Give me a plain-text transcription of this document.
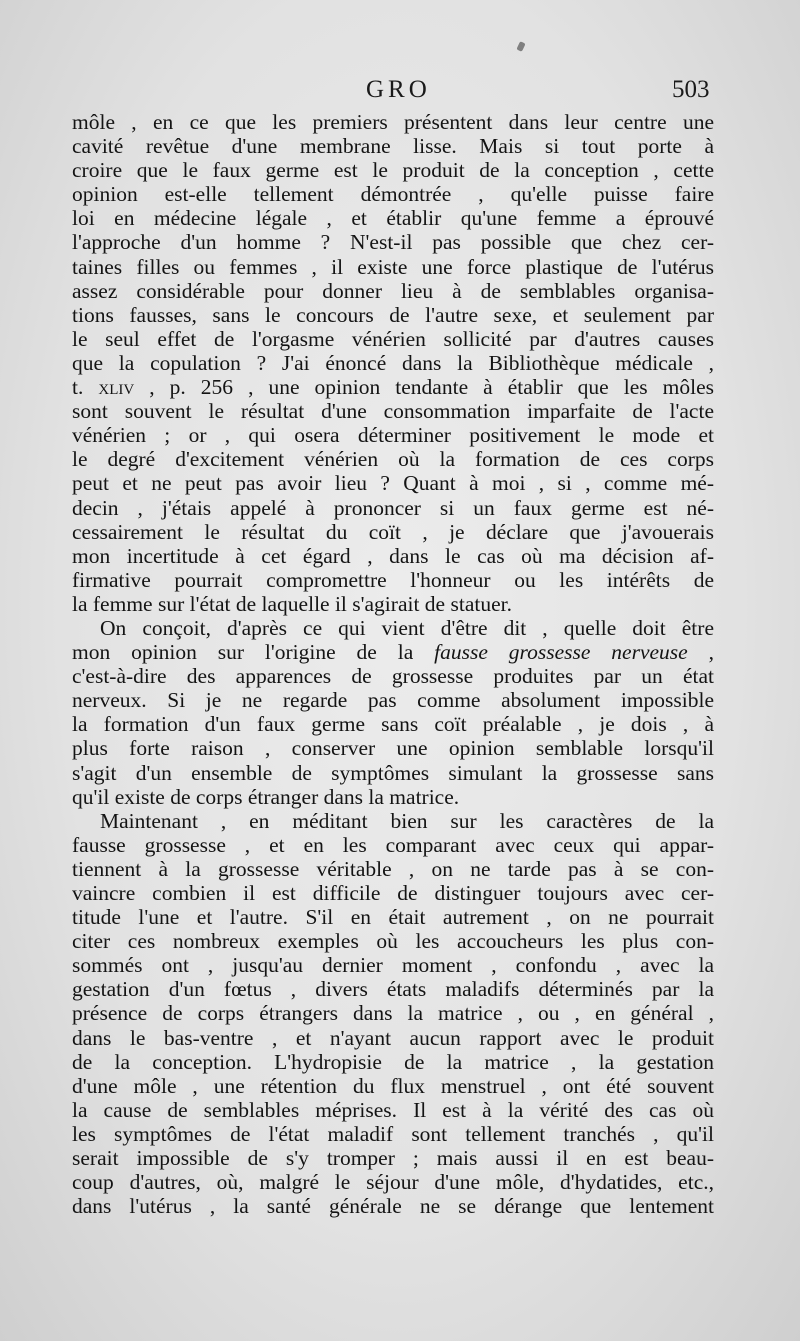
GRO	503
môle , en ce que les premiers présentent dans leur centre une
cavité revêtue d'une membrane lisse. Mais si tout porte à
croire que le faux germe est le produit de la conception , cette
opinion est-elle tellement démontrée , qu'elle puisse faire
loi en médecine légale , et établir qu'une femme a éprouvé
l'approche d'un homme ? N'est-il pas possible que chez cer-
taines filles ou femmes , il existe une force plastique de l'utérus
assez considérable pour donner lieu à de semblables organisa-
tions fausses, sans le concours de l'autre sexe, et seulement par
le seul effet de l'orgasme vénérien sollicité par d'autres causes
que la copulation ? J'ai énoncé dans la Bibliothèque médicale ,
t. xliv , p. 256 , une opinion tendante à établir que les môles
sont souvent le résultat d'une consommation imparfaite de l'acte
vénérien ; or , qui osera déterminer positivement le mode et
le degré d'excitement vénérien où la formation de ces corps
peut et ne peut pas avoir lieu ? Quant à moi , si , comme mé-
decin , j'étais appelé à prononcer si un faux germe est né-
cessairement le résultat du coït , je déclare que j'avouerais
mon incertitude à cet égard , dans le cas où ma décision af-
firmative pourrait compromettre l'honneur ou les intérêts de
la femme sur l'état de laquelle il s'agirait de statuer.
On conçoit, d'après ce qui vient d'être dit , quelle doit être
mon opinion sur l'origine de la fausse grossesse nerveuse ,
c'est-à-dire des apparences de grossesse produites par un état
nerveux. Si je ne regarde pas comme absolument impossible
la formation d'un faux germe sans coït préalable , je dois , à
plus forte raison , conserver une opinion semblable lorsqu'il
s'agit d'un ensemble de symptômes simulant la grossesse sans
qu'il existe de corps étranger dans la matrice.
Maintenant , en méditant bien sur les caractères de la
fausse grossesse , et en les comparant avec ceux qui appar-
tiennent à la grossesse véritable , on ne tarde pas à se con-
vaincre combien il est difficile de distinguer toujours avec cer-
titude l'une et l'autre. S'il en était autrement , on ne pourrait
citer ces nombreux exemples où les accoucheurs les plus con-
sommés ont , jusqu'au dernier moment , confondu , avec la
gestation d'un fœtus , divers états maladifs déterminés par la
présence de corps étrangers dans la matrice , ou , en général ,
dans le bas-ventre , et n'ayant aucun rapport avec le produit
de la conception. L'hydropisie de la matrice , la gestation
d'une môle , une rétention du flux menstruel , ont été souvent
la cause de semblables méprises. Il est à la vérité des cas où
les symptômes de l'état maladif sont tellement tranchés , qu'il
serait impossible de s'y tromper ; mais aussi il en est beau-
coup d'autres, où, malgré le séjour d'une môle, d'hydatides, etc.,
dans l'utérus , la santé générale ne se dérange que lentement
